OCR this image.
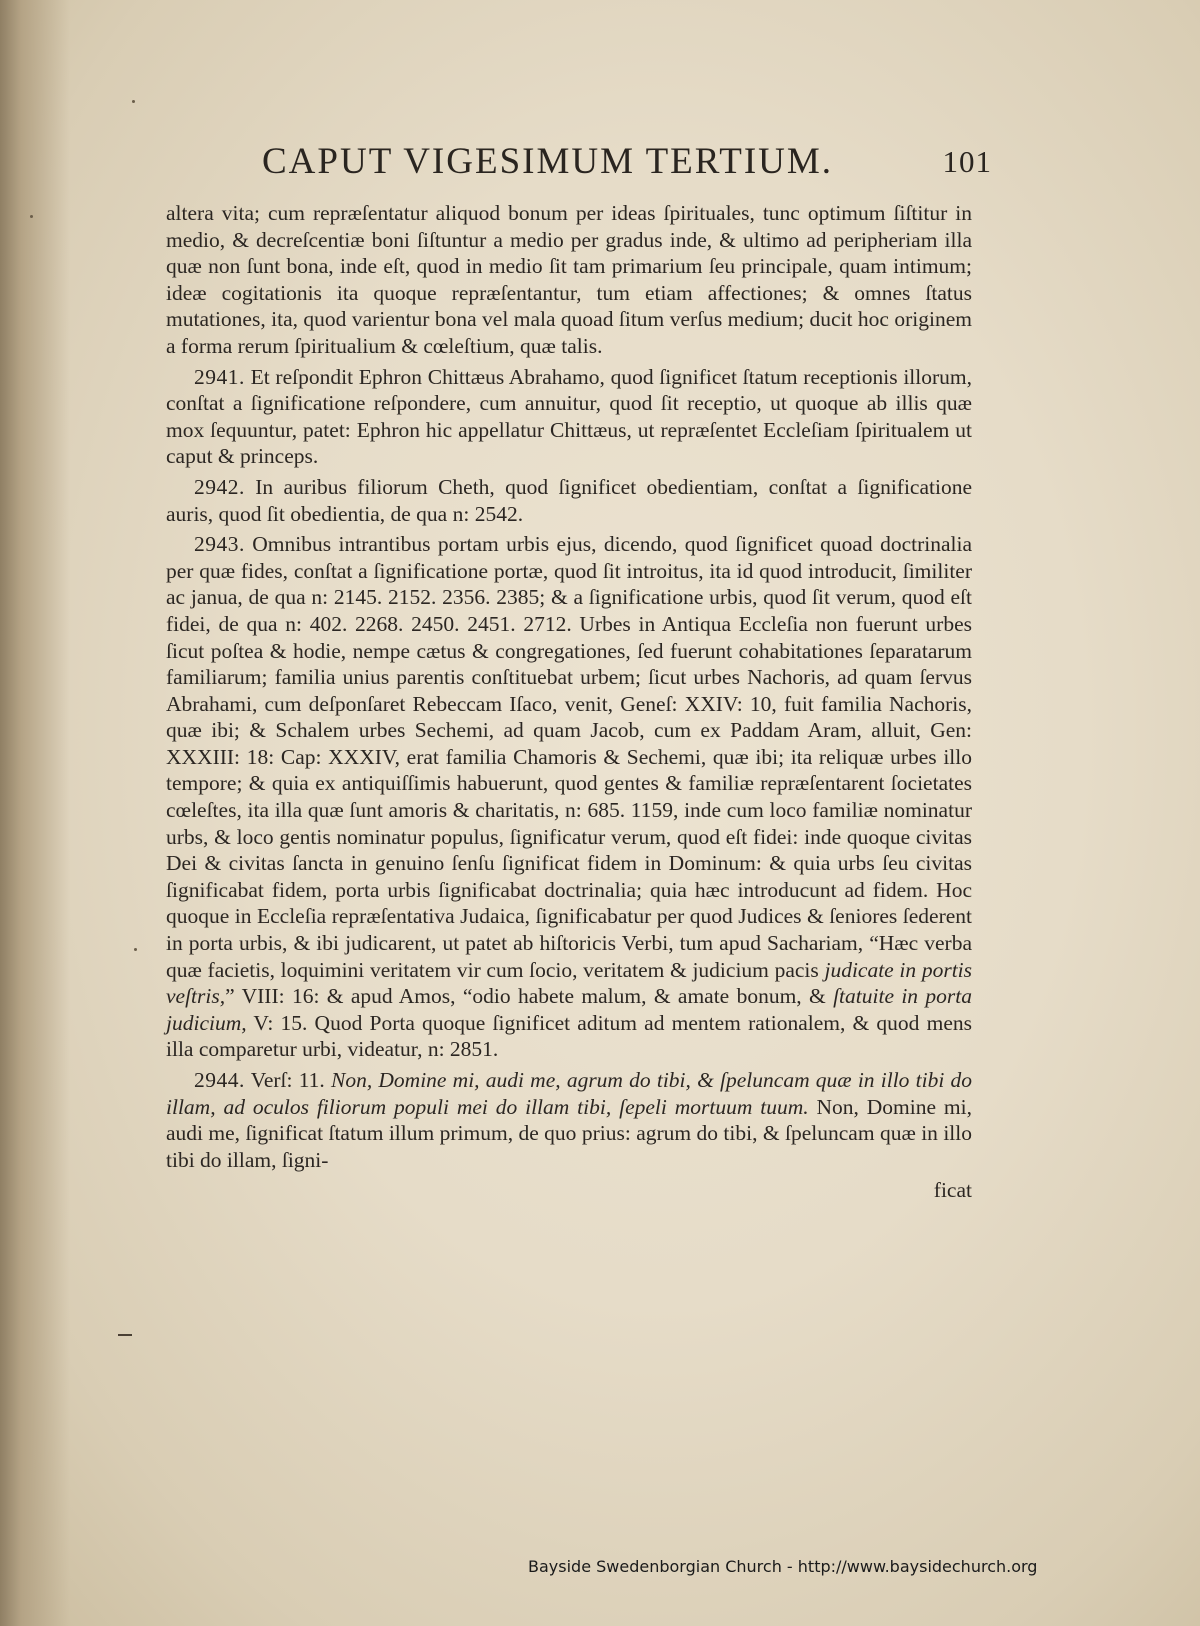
CAPUT VIGESIMUM TERTIUM.	101

altera vita; cum repræſentatur aliquod bonum per ideas ſpirituales, tunc optimum ſiſtitur in medio, & decreſcentiæ boni ſiſtuntur a medio per gradus inde, & ultimo ad peripheriam illa quæ non ſunt bona, inde eſt, quod in medio ſit tam primarium ſeu principale, quam intimum; ideæ cogitationis ita quoque repræſentantur, tum etiam affectiones; & omnes ſtatus mutationes, ita, quod varientur bona vel mala quoad ſitum verſus medium; ducit hoc originem a forma rerum ſpiritualium & cœleſtium, quæ talis.

2941. Et reſpondit Ephron Chittæus Abrahamo, quod ſignificet ſtatum receptionis illorum, conſtat a ſignificatione reſpondere, cum annuitur, quod ſit receptio, ut quoque ab illis quæ mox ſequuntur, patet: Ephron hic appellatur Chittæus, ut repræſentet Eccleſiam ſpiritualem ut caput & princeps.

2942. In auribus filiorum Cheth, quod ſignificet obedientiam, conſtat a ſignificatione auris, quod ſit obedientia, de qua n: 2542.

2943. Omnibus intrantibus portam urbis ejus, dicendo, quod ſignificet quoad doctrinalia per quæ fides, conſtat a ſignificatione portæ, quod ſit introitus, ita id quod introducit, ſimiliter ac janua, de qua n: 2145. 2152. 2356. 2385; & a ſignificatione urbis, quod ſit verum, quod eſt fidei, de qua n: 402. 2268. 2450. 2451. 2712. Urbes in Antiqua Eccleſia non fuerunt urbes ſicut poſtea & hodie, nempe cætus & congregationes, ſed fuerunt cohabitationes ſeparatarum familiarum; familia unius parentis conſtituebat urbem; ſicut urbes Nachoris, ad quam ſervus Abrahami, cum deſponſaret Rebeccam Iſaco, venit, Geneſ: XXIV: 10, fuit familia Nachoris, quæ ibi; & Schalem urbes Sechemi, ad quam Jacob, cum ex Paddam Aram, alluit, Gen: XXXIII: 18: Cap: XXXIV, erat familia Chamoris & Sechemi, quæ ibi; ita reliquæ urbes illo tempore; & quia ex antiquiſſimis habuerunt, quod gentes & familiæ repræſentarent ſocietates cœleſtes, ita illa quæ ſunt amoris & charitatis, n: 685. 1159, inde cum loco familiæ nominatur urbs, & loco gentis nominatur populus, ſignificatur verum, quod eſt fidei: inde quoque civitas Dei & civitas ſancta in genuino ſenſu ſignificat fidem in Dominum: & quia urbs ſeu civitas ſignificabat fidem, porta urbis ſignificabat doctrinalia; quia hæc introducunt ad fidem. Hoc quoque in Eccleſia repræſentativa Judaica, ſignificabatur per quod Judices & ſeniores ſederent in porta urbis, & ibi judicarent, ut patet ab hiſtoricis Verbi, tum apud Sachariam, “Hæc verba quæ facietis, loquimini veritatem vir cum ſocio, veritatem & judicium pacis judicate in portis veſtris,” VIII: 16: & apud Amos, “odio habete malum, & amate bonum, & ſtatuite in porta judicium, V: 15. Quod Porta quoque ſignificet aditum ad mentem rationalem, & quod mens illa comparetur urbi, videatur, n: 2851.

2944. Verſ: 11. Non, Domine mi, audi me, agrum do tibi, & ſpeluncam quæ in illo tibi do illam, ad oculos filiorum populi mei do illam tibi, ſepeli mortuum tuum. Non, Domine mi, audi me, ſignificat ſtatum illum primum, de quo prius: agrum do tibi, & ſpeluncam quæ in illo tibi do illam, ſigni-

ficat
Bayside Swedenborgian Church - http://www.baysidechurch.org
